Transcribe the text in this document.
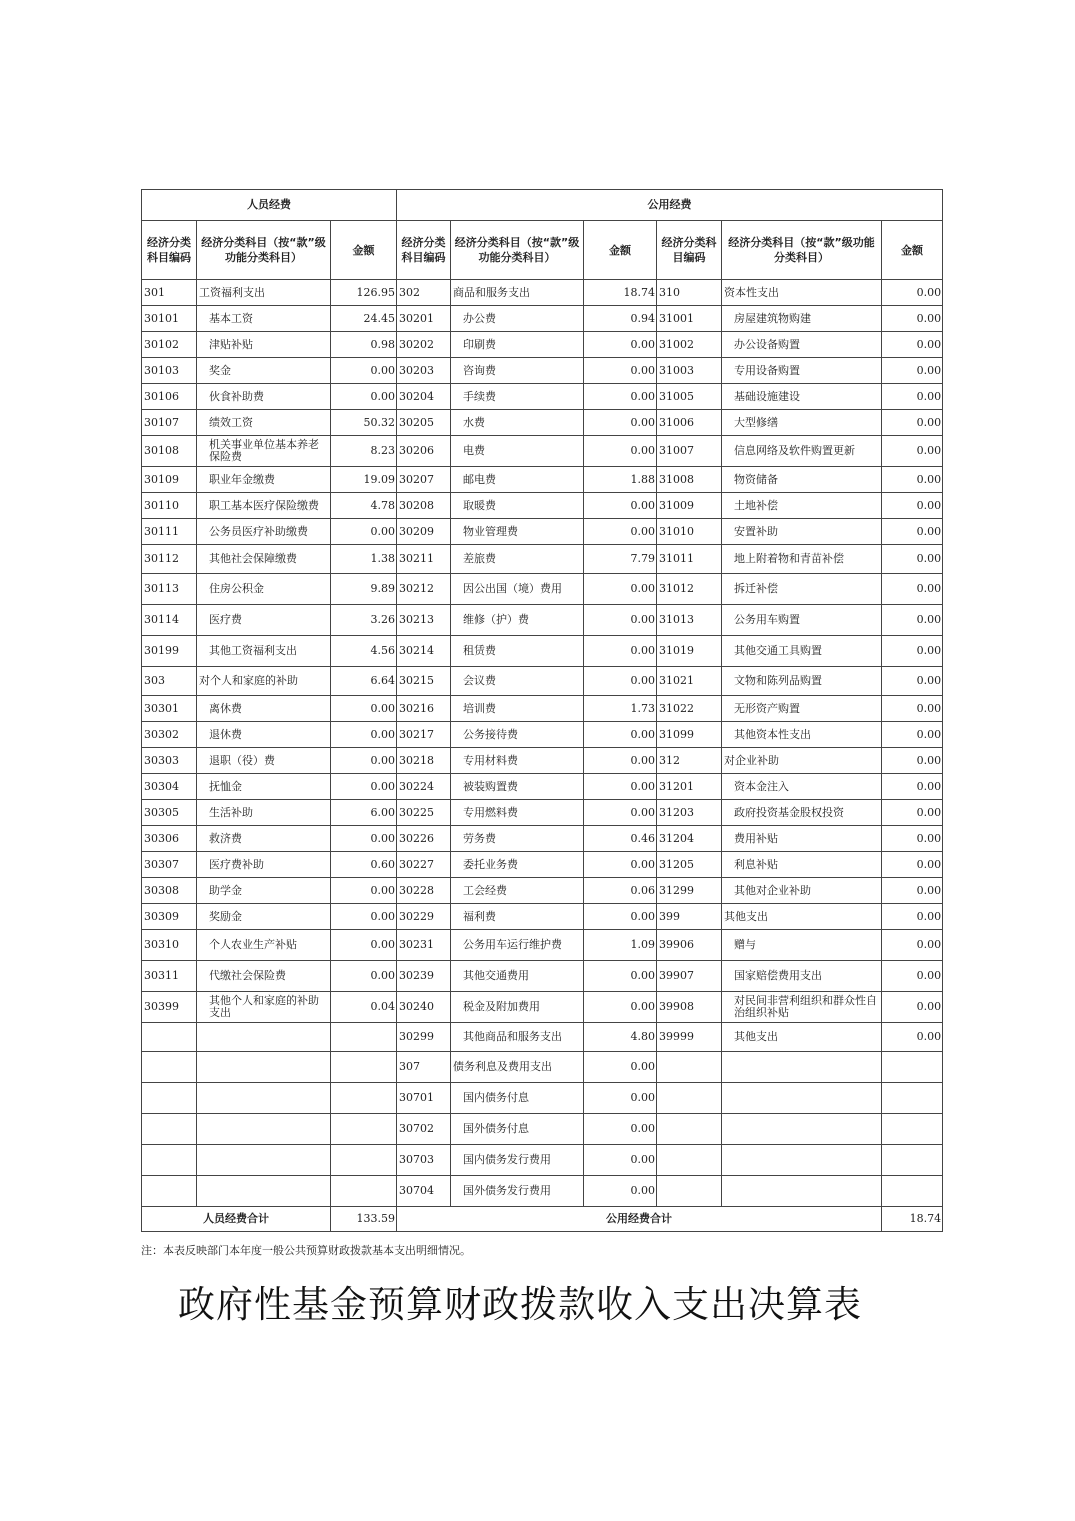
人员经费			公用经费					
经济分类科目编码	经济分类科目（按“款”级功能分类科目）	金额	经济分类科目编码	经济分类科目（按“款”级功能分类科目）	金额	经济分类科目编码	经济分类科目（按“款”级功能分类科目）	金额
301	工资福利支出	126.95	302	商品和服务支出	18.74	310	资本性支出	0.00
30101	基本工资	24.45	30201	办公费	0.94	31001	房屋建筑物购建	0.00
30102	津贴补贴	0.98	30202	印刷费	0.00	31002	办公设备购置	0.00
30103	奖金	0.00	30203	咨询费	0.00	31003	专用设备购置	0.00
30106	伙食补助费	0.00	30204	手续费	0.00	31005	基础设施建设	0.00
30107	绩效工资	50.32	30205	水费	0.00	31006	大型修缮	0.00
30108	机关事业单位基本养老保险费	8.23	30206	电费	0.00	31007	信息网络及软件购置更新	0.00
30109	职业年金缴费	19.09	30207	邮电费	1.88	31008	物资储备	0.00
30110	职工基本医疗保险缴费	4.78	30208	取暖费	0.00	31009	土地补偿	0.00
30111	公务员医疗补助缴费	0.00	30209	物业管理费	0.00	31010	安置补助	0.00
30112	其他社会保障缴费	1.38	30211	差旅费	7.79	31011	地上附着物和青苗补偿	0.00
30113	住房公积金	9.89	30212	因公出国（境）费用	0.00	31012	拆迁补偿	0.00
30114	医疗费	3.26	30213	维修（护）费	0.00	31013	公务用车购置	0.00
30199	其他工资福利支出	4.56	30214	租赁费	0.00	31019	其他交通工具购置	0.00
303	对个人和家庭的补助	6.64	30215	会议费	0.00	31021	文物和陈列品购置	0.00
30301	离休费	0.00	30216	培训费	1.73	31022	无形资产购置	0.00
30302	退休费	0.00	30217	公务接待费	0.00	31099	其他资本性支出	0.00
30303	退职（役）费	0.00	30218	专用材料费	0.00	312	对企业补助	0.00
30304	抚恤金	0.00	30224	被装购置费	0.00	31201	资本金注入	0.00
30305	生活补助	6.00	30225	专用燃料费	0.00	31203	政府投资基金股权投资	0.00
30306	救济费	0.00	30226	劳务费	0.46	31204	费用补贴	0.00
30307	医疗费补助	0.60	30227	委托业务费	0.00	31205	利息补贴	0.00
30308	助学金	0.00	30228	工会经费	0.06	31299	其他对企业补助	0.00
30309	奖励金	0.00	30229	福利费	0.00	399	其他支出	0.00
30310	个人农业生产补贴	0.00	30231	公务用车运行维护费	1.09	39906	赠与	0.00
30311	代缴社会保险费	0.00	30239	其他交通费用	0.00	39907	国家赔偿费用支出	0.00
30399	其他个人和家庭的补助支出	0.04	30240	税金及附加费用	0.00	39908	对民间非营利组织和群众性自治组织补贴	0.00
			30299	其他商品和服务支出	4.80	39999	其他支出	0.00
			307	债务利息及费用支出	0.00			
			30701	国内债务付息	0.00			
			30702	国外债务付息	0.00			
			30703	国内债务发行费用	0.00			
			30704	国外债务发行费用	0.00			
人员经费合计		133.59	公用经费合计					18.74
注：本表反映部门本年度一般公共预算财政拨款基本支出明细情况。
政府性基金预算财政拨款收入支出决算表
